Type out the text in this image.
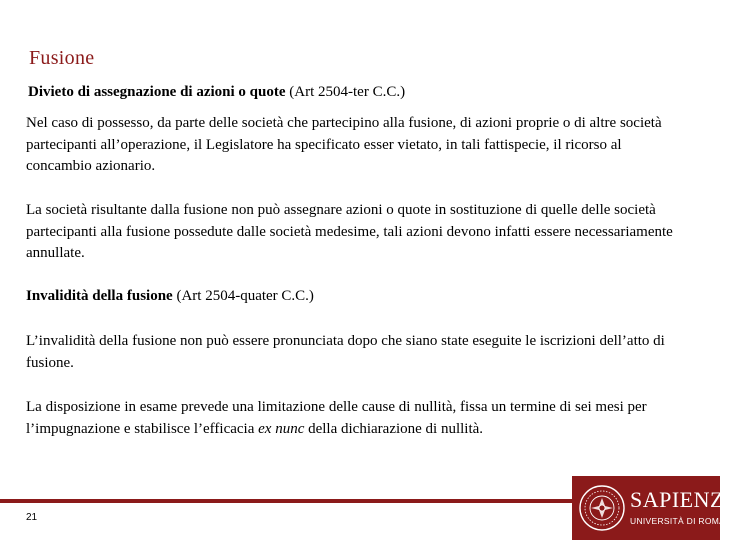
Fusione
Divieto di assegnazione di azioni o quote (Art 2504-ter C.C.)

Nel caso di possesso, da parte delle società che partecipino alla fusione, di azioni proprie o di altre società partecipanti all’operazione, il Legislatore ha specificato esser vietato, in tali fattispecie, il ricorso al concambio azionario.

La società risultante dalla fusione non può assegnare azioni o quote in sostituzione di quelle delle società partecipanti alla fusione possedute dalle società medesime, tali azioni devono infatti essere necessariamente annullate.

Invalidità della fusione (Art 2504-quater C.C.)

L’invalidità della fusione non può essere pronunciata dopo che siano state eseguite le iscrizioni dell’atto di fusione.

La disposizione in esame prevede una limitazione delle cause di nullità, fissa un termine di sei mesi per l’impugnazione e stabilisce l’efficacia ex nunc della dichiarazione di nullità.

21
SAPIENZA
UNIVERSITÀ DI ROMA
